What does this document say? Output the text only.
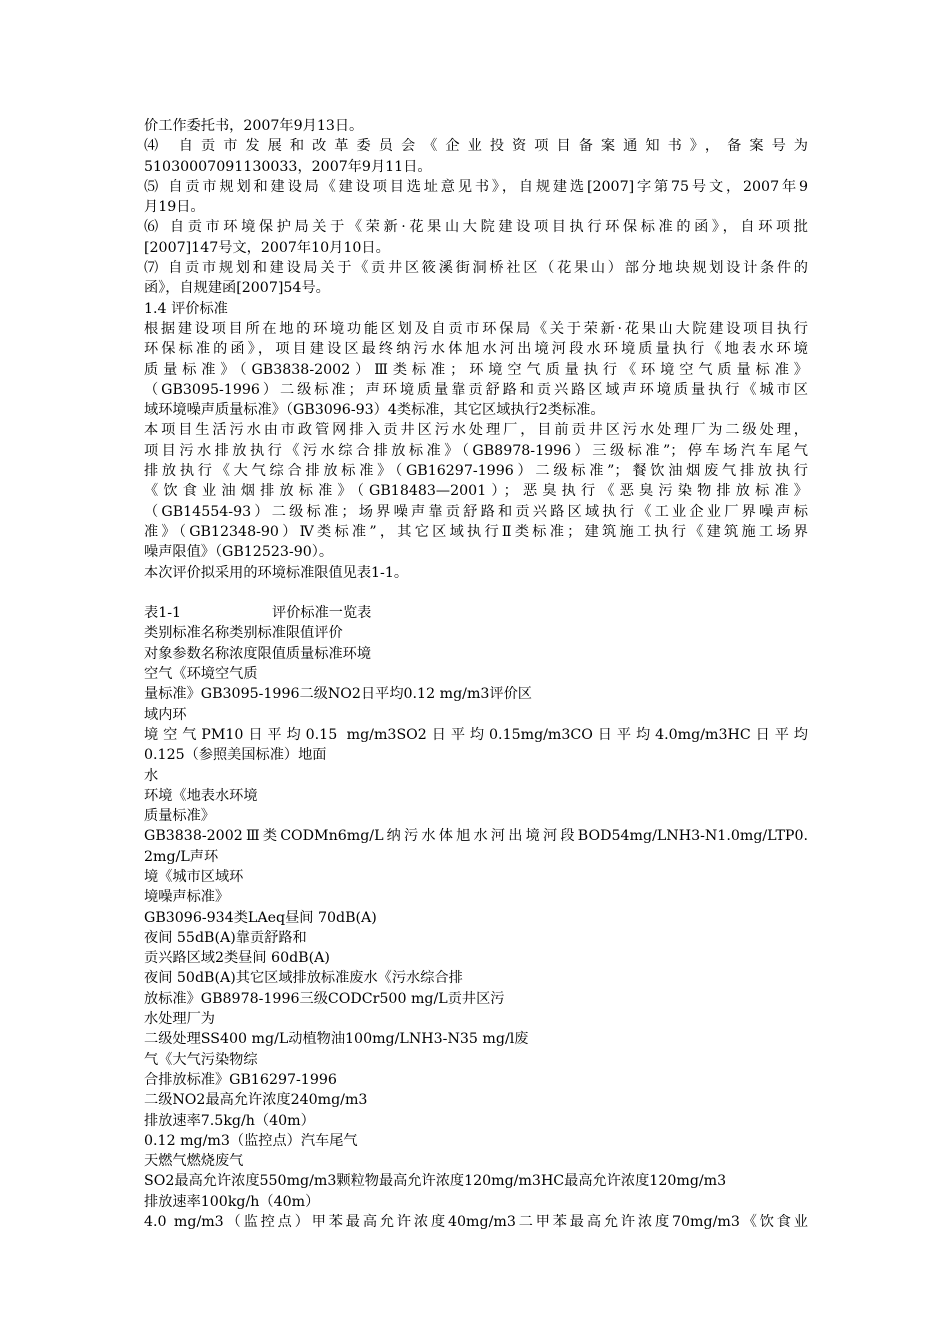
价工作委托书，2007年9月13日。

⑷ 自贡市发展和改革委员会《企业投资项目备案通知书》，备案号为

51030007091130033，2007年9月11日。

⑸ 自贡市规划和建设局《建设项目选址意见书》，自规建选[2007]字第75号文，2007年9

月19日。

⑹ 自贡市环境保护局关于《荣新·花果山大院建设项目执行环保标准的函》，自环项批

[2007]147号文，2007年10月10日。

⑺ 自贡市规划和建设局关于《贡井区筱溪街洞桥社区（花果山）部分地块规划设计条件的

函》，自规建函[2007]54号。

1.4 评价标准

根据建设项目所在地的环境功能区划及自贡市环保局《关于荣新·花果山大院建设项目执行

环保标准的函》，项目建设区最终纳污水体旭水河出境河段水环境质量执行《地表水环境

质量标准》（GB3838-2002）Ⅲ类标准；环境空气质量执行《环境空气质量标准》

（GB3095-1996）二级标准；声环境质量靠贡舒路和贡兴路区域声环境质量执行《城市区

域环境噪声质量标准》（GB3096-93）4类标准，其它区域执行2类标准。

本项目生活污水由市政管网排入贡井区污水处理厂，目前贡井区污水处理厂为二级处理，

项目污水排放执行《污水综合排放标准》（GB8978-1996）三级标准”；停车场汽车尾气

排放执行《大气综合排放标准》（GB16297-1996）二级标准”；餐饮油烟废气排放执行

《饮食业油烟排放标准》（GB18483—2001）；恶臭执行《恶臭污染物排放标准》

（GB14554-93）二级标准；场界噪声靠贡舒路和贡兴路区域执行《工业企业厂界噪声标

准》（GB12348-90）Ⅳ类标准”，其它区域执行Ⅱ类标准；建筑施工执行《建筑施工场界

噪声限值》（GB12523-90）。

本次评价拟采用的环境标准限值见表1-1。

表1-1	评价标准一览表

类别标准名称类别标准限值评价

对象参数名称浓度限值质量标准环境

空气《环境空气质

量标准》GB3095-1996二级NO2日平均0.12 mg/m3评价区

域内环

境空气PM10日平均0.15 mg/m3SO2日平均0.15mg/m3CO日平均4.0mg/m3HC日平均

0.125（参照美国标准）地面

水

环境《地表水环境

质量标准》

GB3838-2002Ⅲ类CODMn6mg/L纳污水体旭水河出境河段BOD54mg/LNH3-N1.0mg/LTP0.

2mg/L声环

境《城市区域环

境噪声标准》

GB3096-934类LAeq昼间 70dB(A)

夜间 55dB(A)靠贡舒路和

贡兴路区域2类昼间 60dB(A)

夜间 50dB(A)其它区域排放标准废水《污水综合排

放标准》GB8978-1996三级CODCr500 mg/L贡井区污

水处理厂为

二级处理SS400 mg/L动植物油100mg/LNH3-N35 mg/l废

气《大气污染物综

合排放标准》GB16297-1996

二级NO2最高允许浓度240mg/m3

排放速率7.5kg/h（40m）

0.12 mg/m3（监控点）汽车尾气

天燃气燃烧废气

SO2最高允许浓度550mg/m3颗粒物最高允许浓度120mg/m3HC最高允许浓度120mg/m3

排放速率100kg/h（40m）

4.0 mg/m3（监控点）甲苯最高允许浓度40mg/m3二甲苯最高允许浓度70mg/m3《饮食业
